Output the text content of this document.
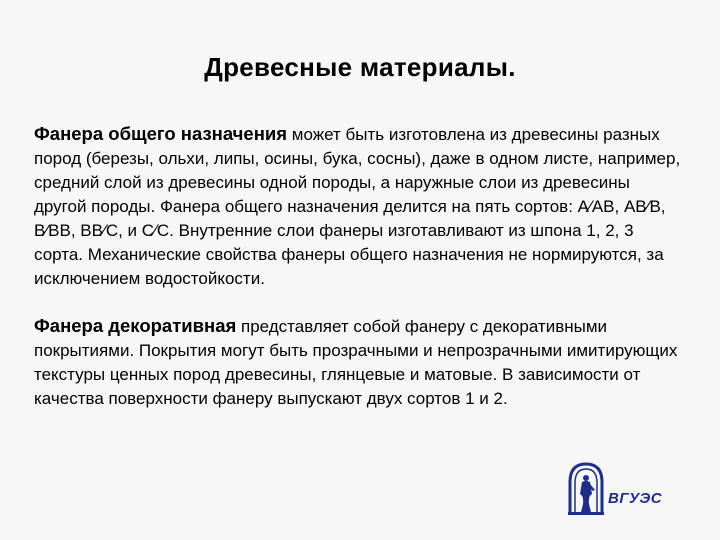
Древесные материалы.
Фанера общего назначения может быть изготовлена из древесины разных пород (березы, ольхи, липы, осины, бука, сосны), даже в одном листе, например, средний слой из древесины одной породы, а наружные слои из древесины другой породы. Фанера общего назначения делится на пять сортов: А⁄АВ, АВ⁄В, В⁄ВВ, ВВ⁄С, и С⁄С. Внутренние слои фанеры изготавливают из шпона 1, 2, 3 сорта. Механические свойства фанеры общего назначения не нормируются, за исключением водостойкости.
Фанера декоративная представляет собой фанеру с декоративными покрытиями. Покрытия могут быть прозрачными и непрозрачными имитирующих текстуры ценных пород древесины, глянцевые и матовые. В зависимости от качества поверхности фанеру выпускают двух сортов 1 и 2.
ВГУЭС
